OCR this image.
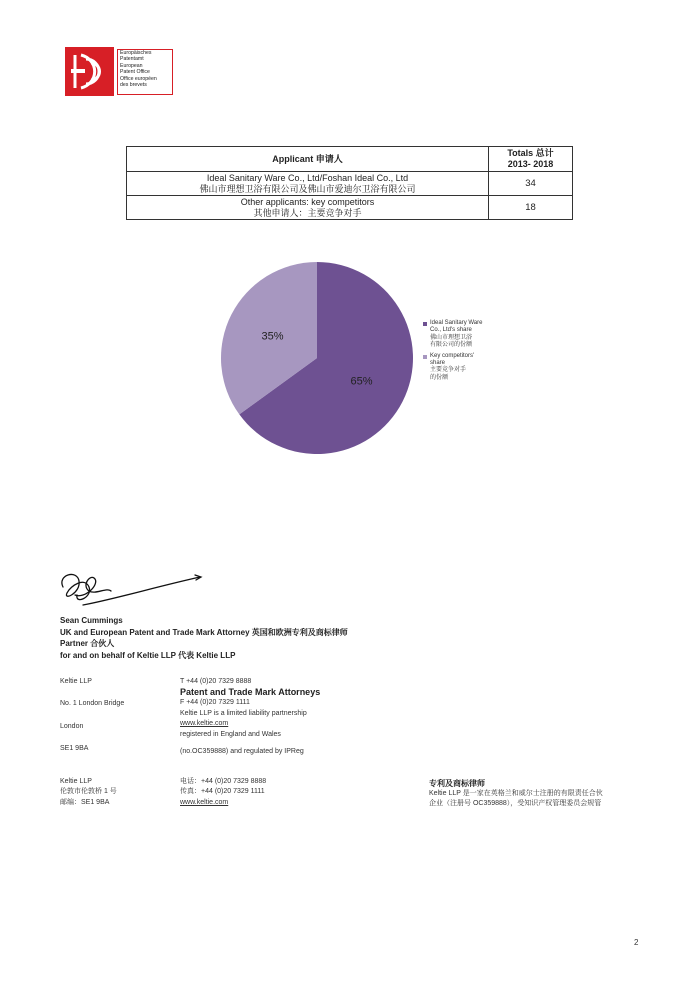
Europäisches
Patentamt
European
Patent Office
Office européen
des brevets
Applicant 申请人	Totals 总计
2013- 2018

Ideal Sanitary Ware Co., Ltd/Foshan Ideal Co., Ltd
佛山市理想卫浴有限公司及佛山市爱迪尔卫浴有限公司	34

Other applicants: key competitors
其他申请人：主要竞争对手	18
65%
35%
Ideal Sanitary Ware
Co., Ltd's share
佛山市理想卫浴
有限公司的份额
Key competitors'
share
主要竞争对手
的份额
Sean Cummings
UK and European Patent and Trade Mark Attorney 英国和欧洲专利及商标律师
Partner 合伙人
for and on behalf of Keltie LLP 代表 Keltie LLP
Keltie LLP
No. 1 London Bridge
London
SE1 9BA
T +44 (0)20 7329 8888
Patent and Trade Mark Attorneys
F +44 (0)20 7329 1111
Keltie LLP is a limited liability partnership
www.keltie.com
registered in England and Wales
(no.OC359888) and regulated by IPReg
Keltie LLP
伦敦市伦敦桥 1 号
邮编：SE1 9BA
电话：+44 (0)20 7329 8888
传真：+44 (0)20 7329 1111
www.keltie.com
专利及商标律师
Keltie LLP 是一家在英格兰和威尔士注册的有限责任合伙
企业（注册号 OC359888），受知识产权管理委员会规管
2
